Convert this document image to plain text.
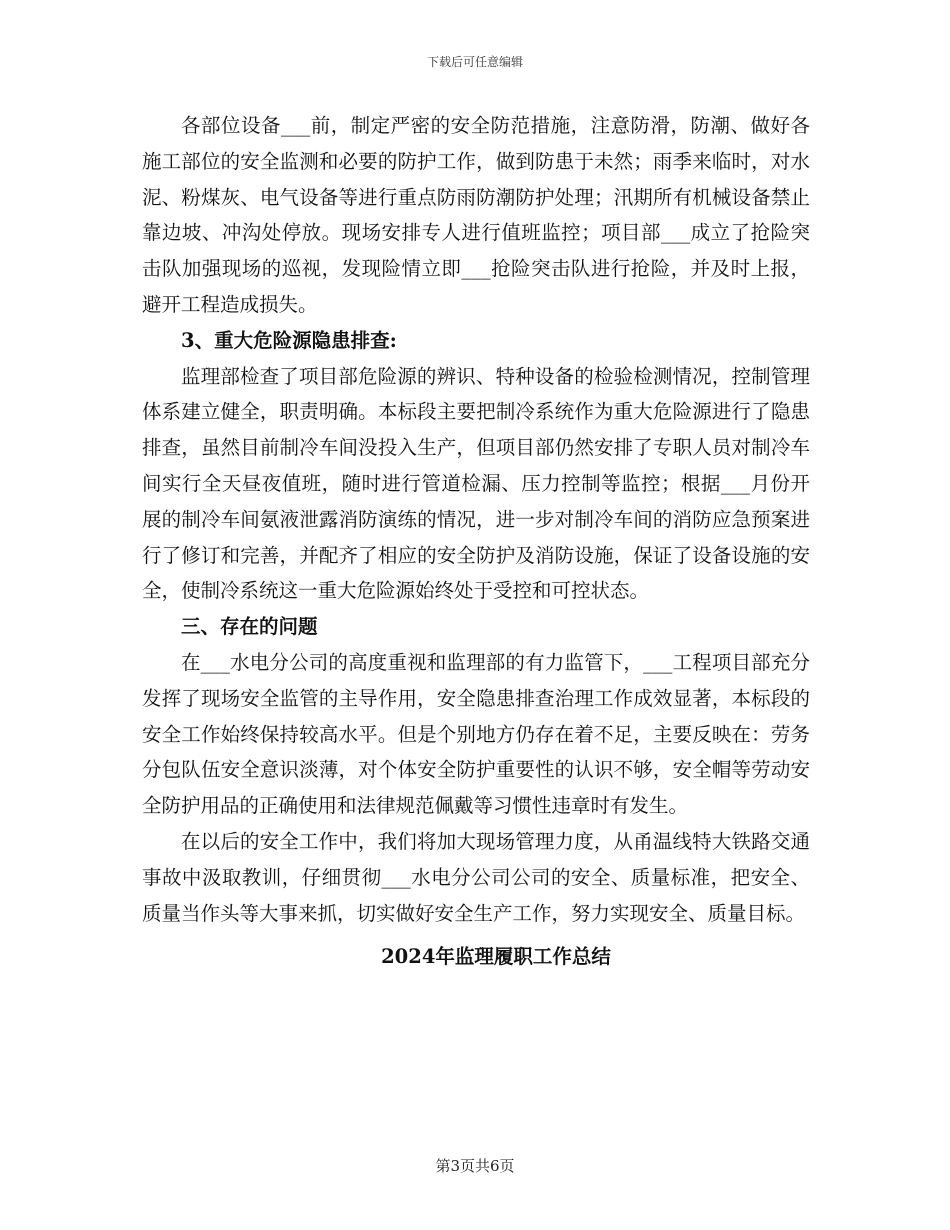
下载后可任意编辑

各部位设备___前，制定严密的安全防范措施，注意防滑，防潮、做好各施工部位的安全监测和必要的防护工作，做到防患于未然；雨季来临时，对水泥、粉煤灰、电气设备等进行重点防雨防潮防护处理；汛期所有机械设备禁止靠边坡、冲沟处停放。现场安排专人进行值班监控；项目部___成立了抢险突击队加强现场的巡视，发现险情立即___抢险突击队进行抢险，并及时上报，避开工程造成损失。

3、重大危险源隐患排查:

监理部检查了项目部危险源的辨识、特种设备的检验检测情况，控制管理体系建立健全，职责明确。本标段主要把制冷系统作为重大危险源进行了隐患排查，虽然目前制冷车间没投入生产，但项目部仍然安排了专职人员对制冷车间实行全天昼夜值班，随时进行管道检漏、压力控制等监控；根据___月份开展的制冷车间氨液泄露消防演练的情况，进一步对制冷车间的消防应急预案进行了修订和完善，并配齐了相应的安全防护及消防设施，保证了设备设施的安全，使制冷系统这一重大危险源始终处于受控和可控状态。

三、存在的问题

在___水电分公司的高度重视和监理部的有力监管下，___工程项目部充分发挥了现场安全监管的主导作用，安全隐患排查治理工作成效显著，本标段的安全工作始终保持较高水平。但是个别地方仍存在着不足，主要反映在：劳务分包队伍安全意识淡薄，对个体安全防护重要性的认识不够，安全帽等劳动安全防护用品的正确使用和法律规范佩戴等习惯性违章时有发生。

在以后的安全工作中，我们将加大现场管理力度，从甬温线特大铁路交通事故中汲取教训，仔细贯彻___水电分公司公司的安全、质量标准，把安全、质量当作头等大事来抓，切实做好安全生产工作，努力实现安全、质量目标。

2024年监理履职工作总结

第3页共6页
